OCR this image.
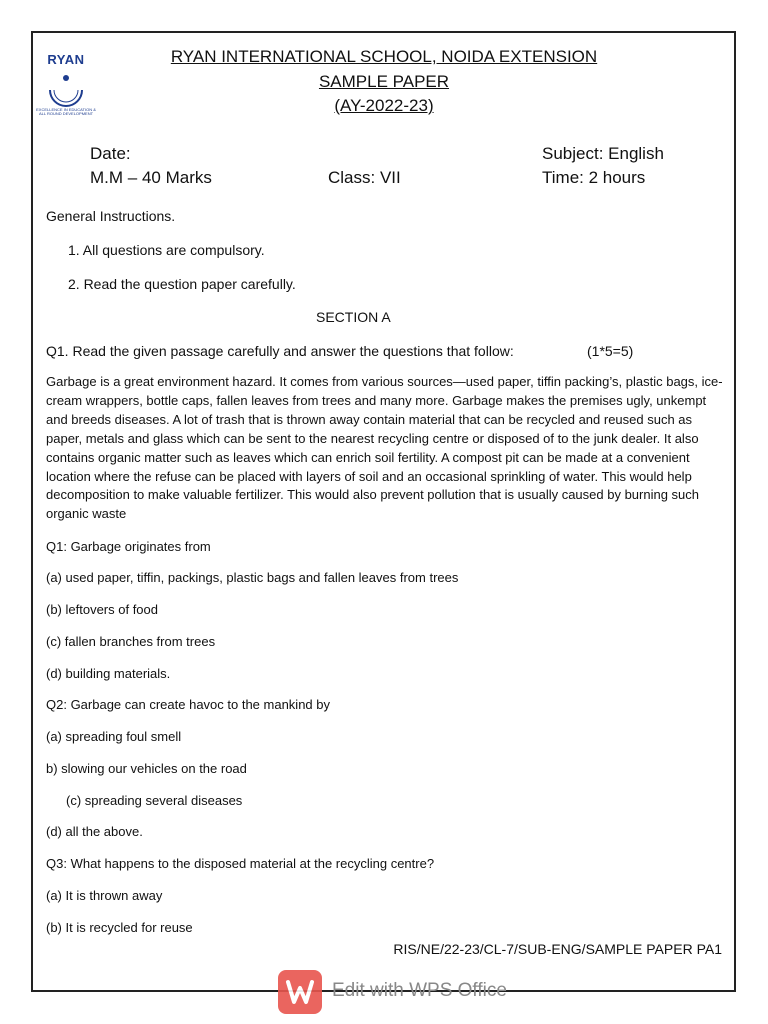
RYAN
EXCELLENCE IN EDUCATION & ALL ROUND DEVELOPMENT
RYAN INTERNATIONAL SCHOOL, NOIDA EXTENSION
SAMPLE PAPER
(AY-2022-23)
Date:	Subject: English
M.M – 40 Marks	Class: VII	Time: 2 hours
General Instructions.
1. All questions are compulsory.
2. Read the question paper carefully.
SECTION A
Q1. Read the given passage carefully and answer the questions that follow:	(1*5=5)
Garbage is a great environment hazard. It comes from various sources—used paper, tiffin packing’s, plastic bags, ice-cream wrappers, bottle caps, fallen leaves from trees and many more. Garbage makes the premises ugly, unkempt and breeds diseases. A lot of trash that is thrown away contain material that can be recycled and reused such as paper, metals and glass which can be sent to the nearest recycling centre or disposed of to the junk dealer. It also contains organic matter such as leaves which can enrich soil fertility. A compost pit can be made at a convenient location where the refuse can be placed with layers of soil and an occasional sprinkling of water. This would help decomposition to make valuable fertilizer. This would also prevent pollution that is usually caused by burning such organic waste
Q1: Garbage originates from
(a) used paper, tiffin, packings, plastic bags and fallen leaves from trees
(b) leftovers of food
(c) fallen branches from trees
(d) building materials.
Q2: Garbage can create havoc to the mankind by
(a) spreading foul smell
b) slowing our vehicles on the road
(c) spreading several diseases
(d) all the above.
Q3: What happens to the disposed material at the recycling centre?
(a) It is thrown away
(b) It is recycled for reuse
RIS/NE/22-23/CL-7/SUB-ENG/SAMPLE PAPER PA1
Edit with WPS Office
